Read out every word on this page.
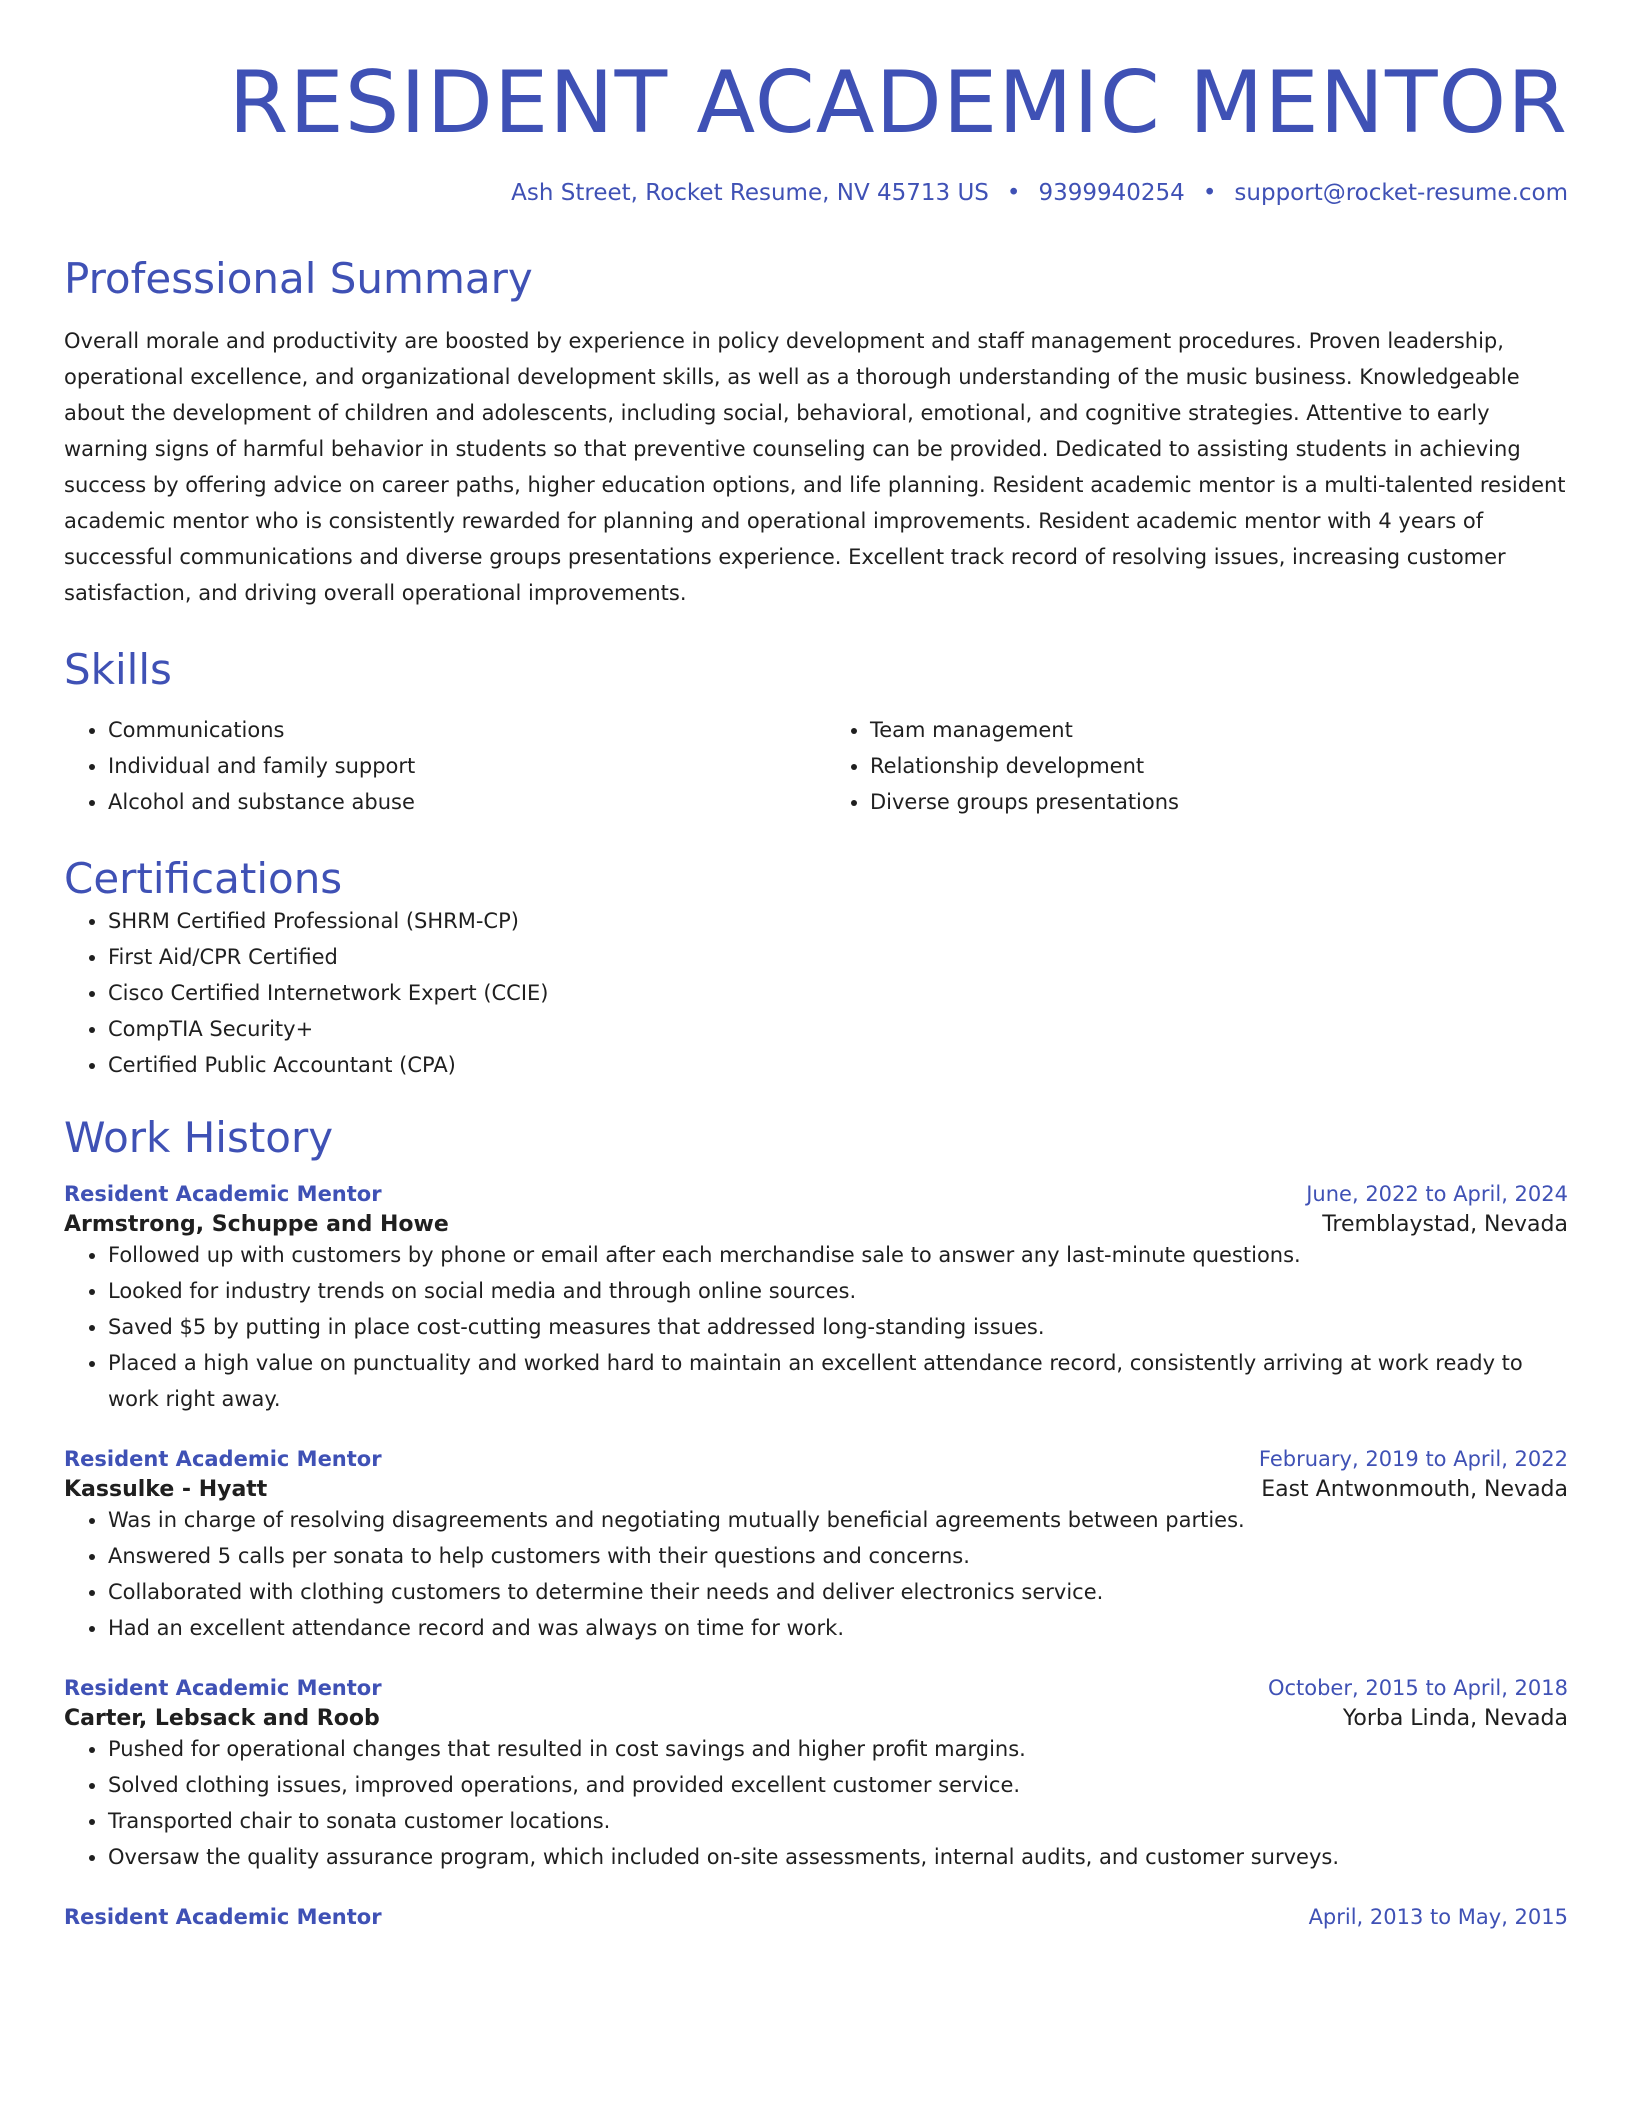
RESIDENT ACADEMIC MENTOR
Ash Street, Rocket Resume, NV 45713 US • 9399940254 • support@rocket-resume.com
Professional Summary

Overall morale and productivity are boosted by experience in policy development and staff management procedures. Proven leadership, operational excellence, and organizational development skills, as well as a thorough understanding of the music business. Knowledgeable about the development of children and adolescents, including social, behavioral, emotional, and cognitive strategies. Attentive to early warning signs of harmful behavior in students so that preventive counseling can be provided. Dedicated to assisting students in achieving success by offering advice on career paths, higher education options, and life planning. Resident academic mentor is a multi-talented resident academic mentor who is consistently rewarded for planning and operational improvements. Resident academic mentor with 4 years of successful communications and diverse groups presentations experience. Excellent track record of resolving issues, increasing customer satisfaction, and driving overall operational improvements.

Skills
• Communications
• Individual and family support
• Alcohol and substance abuse
• Team management
• Relationship development
• Diverse groups presentations
Certifications
• SHRM Certified Professional (SHRM-CP)
• First Aid/CPR Certified
• Cisco Certified Internetwork Expert (CCIE)
• CompTIA Security+
• Certified Public Accountant (CPA)
Work History
Resident Academic Mentor	June, 2022 to April, 2024
Armstrong, Schuppe and Howe	Tremblaystad, Nevada
• Followed up with customers by phone or email after each merchandise sale to answer any last-minute questions.
• Looked for industry trends on social media and through online sources.
• Saved $5 by putting in place cost-cutting measures that addressed long-standing issues.
• Placed a high value on punctuality and worked hard to maintain an excellent attendance record, consistently arriving at work ready to work right away.
Resident Academic Mentor	February, 2019 to April, 2022
Kassulke - Hyatt	East Antwonmouth, Nevada
• Was in charge of resolving disagreements and negotiating mutually beneficial agreements between parties.
• Answered 5 calls per sonata to help customers with their questions and concerns.
• Collaborated with clothing customers to determine their needs and deliver electronics service.
• Had an excellent attendance record and was always on time for work.
Resident Academic Mentor	October, 2015 to April, 2018
Carter, Lebsack and Roob	Yorba Linda, Nevada
• Pushed for operational changes that resulted in cost savings and higher profit margins.
• Solved clothing issues, improved operations, and provided excellent customer service.
• Transported chair to sonata customer locations.
• Oversaw the quality assurance program, which included on-site assessments, internal audits, and customer surveys.
Resident Academic Mentor	April, 2013 to May, 2015
